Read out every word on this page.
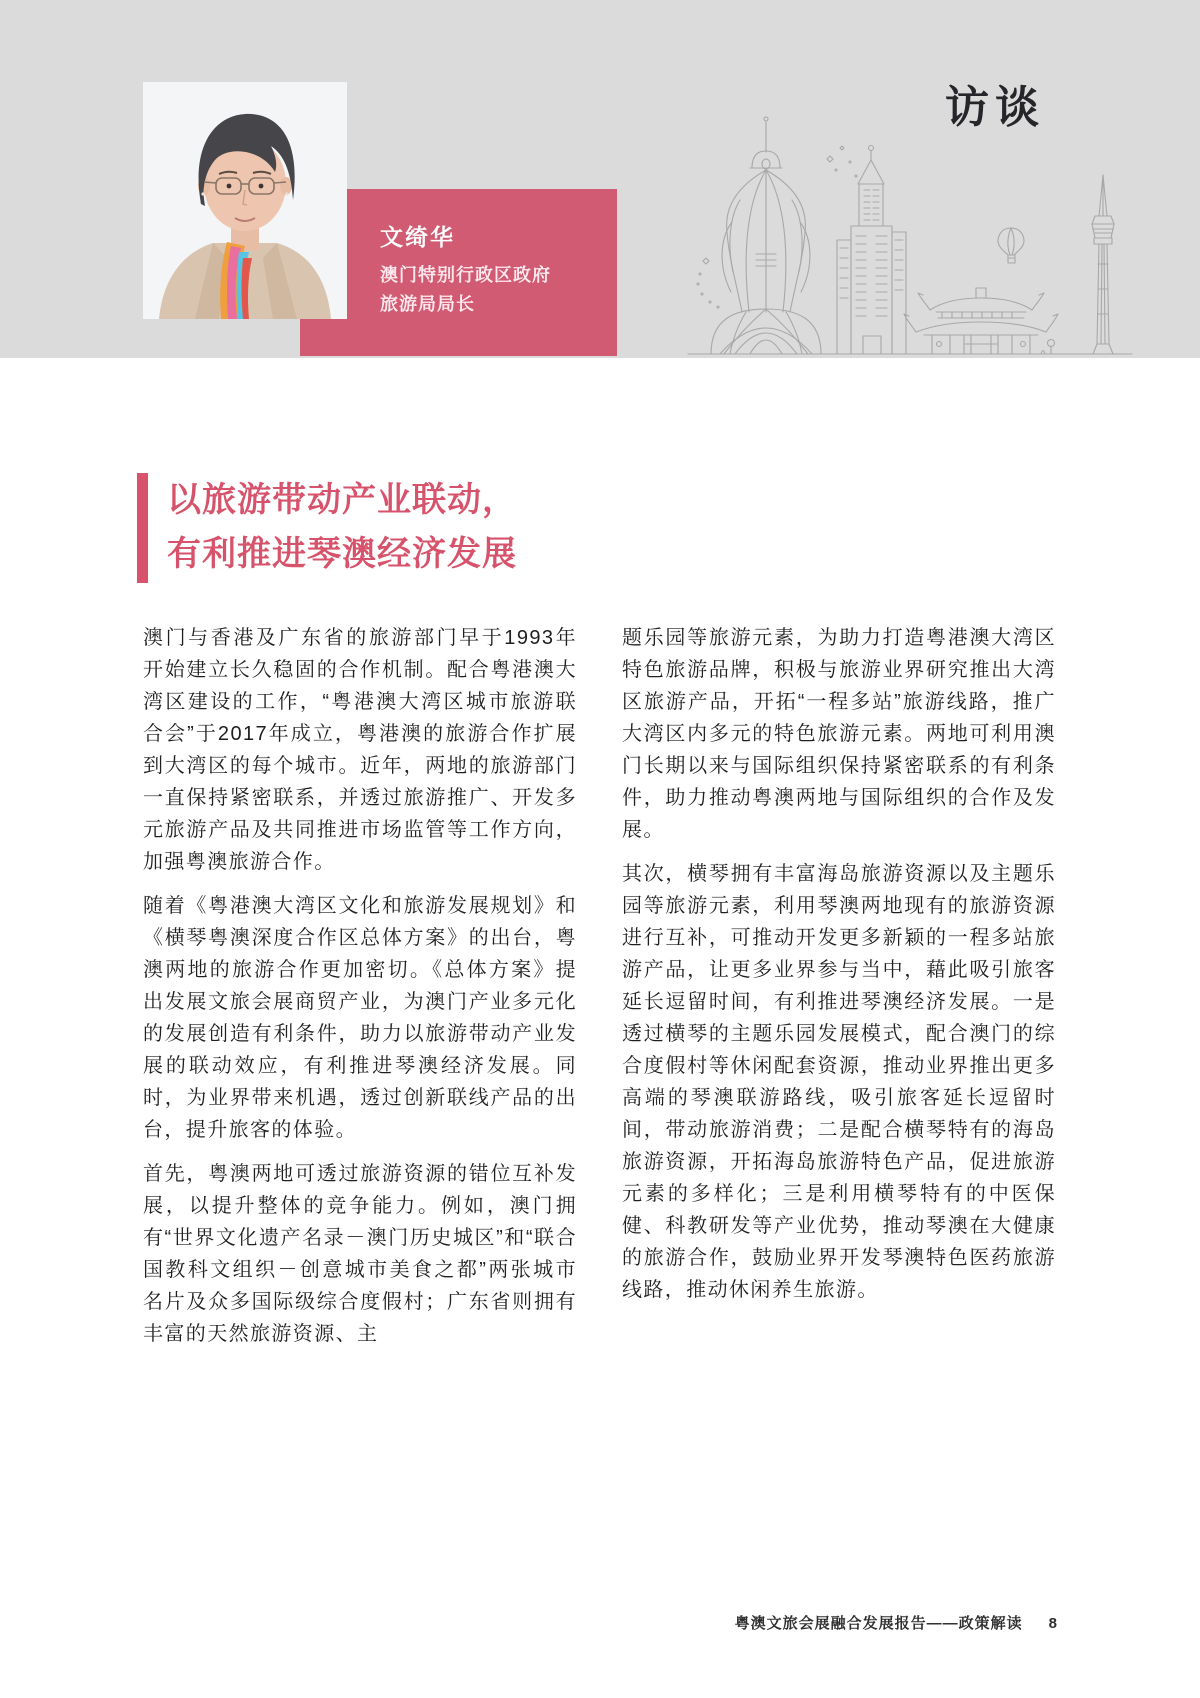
访谈
文绮华
澳门特别行政区政府
旅游局局长
以旅游带动产业联动，
有利推进琴澳经济发展

澳门与香港及广东省的旅游部门早于1993年开始建立长久稳固的合作机制。配合粤港澳大湾区建设的工作，“粤港澳大湾区城市旅游联合会”于2017年成立，粤港澳的旅游合作扩展到大湾区的每个城市。近年，两地的旅游部门一直保持紧密联系，并透过旅游推广、开发多元旅游产品及共同推进市场监管等工作方向，加强粤澳旅游合作。

随着《粤港澳大湾区文化和旅游发展规划》和《横琴粤澳深度合作区总体方案》的出台，粤澳两地的旅游合作更加密切。《总体方案》提出发展文旅会展商贸产业，为澳门产业多元化的发展创造有利条件，助力以旅游带动产业发展的联动效应，有利推进琴澳经济发展。同时，为业界带来机遇，透过创新联线产品的出台，提升旅客的体验。

首先，粤澳两地可透过旅游资源的错位互补发展，以提升整体的竞争能力。例如，澳门拥有“世界文化遗产名录－澳门历史城区”和“联合国教科文组织－创意城市美食之都”两张城市名片及众多国际级综合度假村；广东省则拥有丰富的天然旅游资源、主

题乐园等旅游元素，为助力打造粤港澳大湾区特色旅游品牌，积极与旅游业界研究推出大湾区旅游产品，开拓“一程多站”旅游线路，推广大湾区内多元的特色旅游元素。两地可利用澳门长期以来与国际组织保持紧密联系的有利条件，助力推动粤澳两地与国际组织的合作及发展。

其次，横琴拥有丰富海岛旅游资源以及主题乐园等旅游元素，利用琴澳两地现有的旅游资源进行互补，可推动开发更多新颖的一程多站旅游产品，让更多业界参与当中，藉此吸引旅客延长逗留时间，有利推进琴澳经济发展。一是透过横琴的主题乐园发展模式，配合澳门的综合度假村等休闲配套资源，推动业界推出更多高端的琴澳联游路线，吸引旅客延长逗留时间，带动旅游消费；二是配合横琴特有的海岛旅游资源，开拓海岛旅游特色产品，促进旅游元素的多样化；三是利用横琴特有的中医保健、科教研发等产业优势，推动琴澳在大健康的旅游合作，鼓励业界开发琴澳特色医药旅游线路，推动休闲养生旅游。

粤澳文旅会展融合发展报告——政策解读 8
